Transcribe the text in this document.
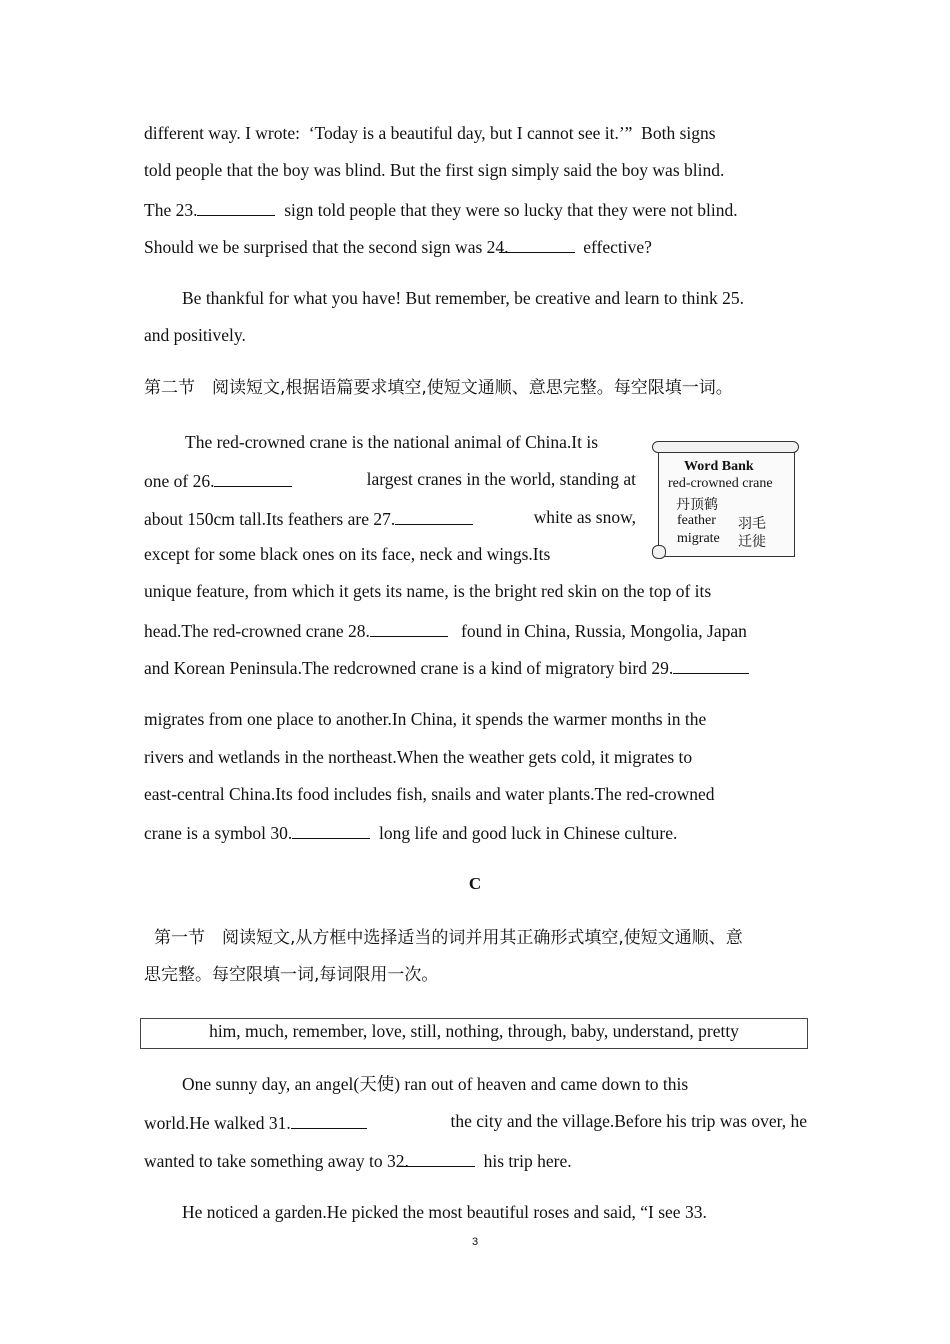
different way. I wrote:  ‘Today is a beautiful day, but I cannot see it.’”  Both signs
told people that the boy was blind. But the first sign simply said the boy was blind.
The 23.	sign told people that they were so lucky that they were not blind.
Should we be surprised that the second sign was 24.	effective?
Be thankful for what you have! But remember, be creative and learn to think 25.
and positively.
第二节　阅读短文,根据语篇要求填空,使短文通顺、意思完整。每空限填一词。
The red-crowned crane is the national animal of China.It is
one of 26.	largest cranes in the world, standing at
about 150cm tall.Its feathers are 27.	white as snow,
except for some black ones on its face, neck and wings.Its
unique feature, from which it gets its name, is the bright red skin on the top of its
head.The red-crowned crane 28.	found in China, Russia, Mongolia, Japan
and Korean Peninsula.The redcrowned crane is a kind of migratory bird 29.
migrates from one place to another.In China, it spends the warmer months in the
rivers and wetlands in the northeast.When the weather gets cold, it migrates to
east-central China.Its food includes fish, snails and water plants.The red-crowned
crane is a symbol 30.	long life and good luck in Chinese culture.
Word Bank
red-crowned crane
丹顶鹤
feather 羽毛
migrate 迁徙
C
第一节　阅读短文,从方框中选择适当的词并用其正确形式填空,使短文通顺、意
思完整。每空限填一词,每词限用一次。
him, much, remember, love, still, nothing, through, baby, understand, pretty
One sunny day, an angel(天使) ran out of heaven and came down to this
world.He walked 31.	the city and the village.Before his trip was over, he
wanted to take something away to 32.	his trip here.
He noticed a garden.He picked the most beautiful roses and said, “I see 33.
3
